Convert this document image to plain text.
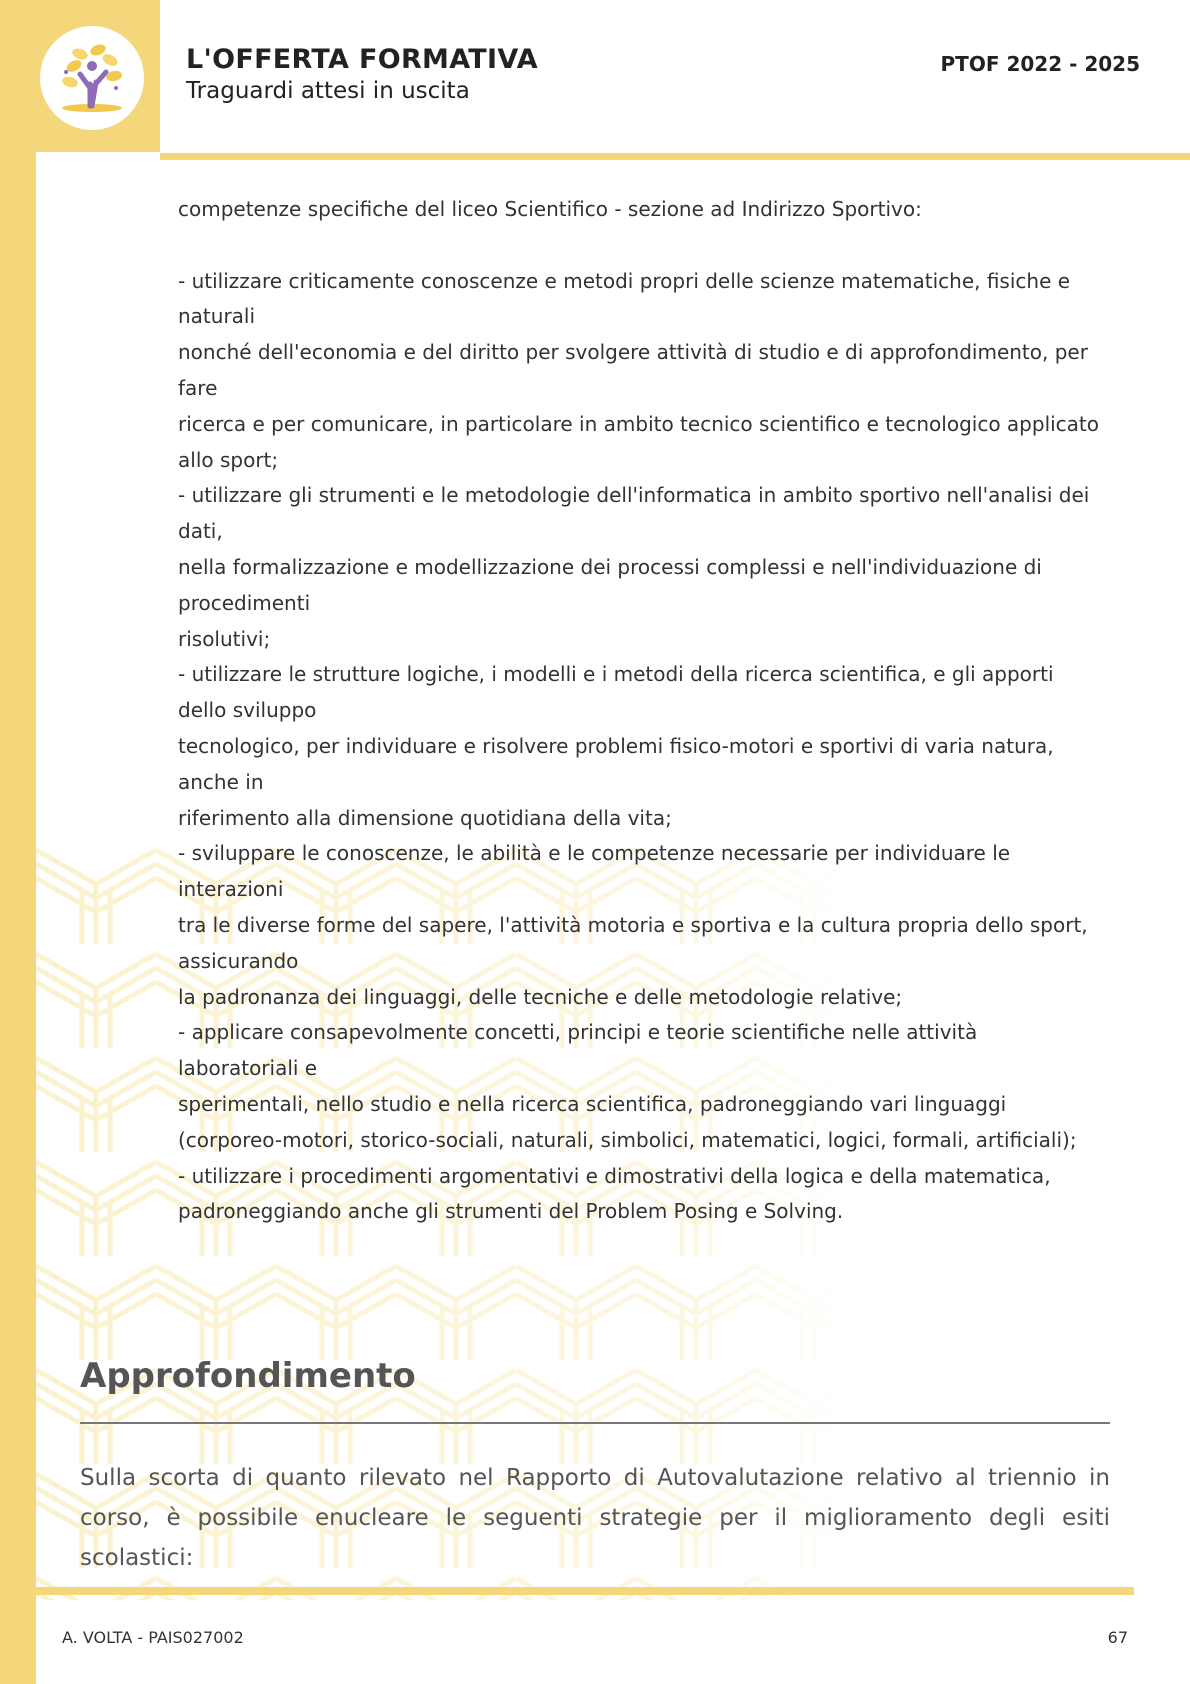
L'OFFERTA FORMATIVA
Traguardi attesi in uscita
PTOF 2022 - 2025

competenze specifiche del liceo Scientifico - sezione ad Indirizzo Sportivo:

- utilizzare criticamente conoscenze e metodi propri delle scienze matematiche, fisiche e

naturali

nonché dell'economia e del diritto per svolgere attività di studio e di approfondimento, per

fare

ricerca e per comunicare, in particolare in ambito tecnico scientifico e tecnologico applicato

allo sport;

- utilizzare gli strumenti e le metodologie dell'informatica in ambito sportivo nell'analisi dei

dati,

nella formalizzazione e modellizzazione dei processi complessi e nell'individuazione di

procedimenti

risolutivi;

- utilizzare le strutture logiche, i modelli e i metodi della ricerca scientifica, e gli apporti

dello sviluppo

tecnologico, per individuare e risolvere problemi fisico-motori e sportivi di varia natura,

anche in

riferimento alla dimensione quotidiana della vita;

- sviluppare le conoscenze, le abilità e le competenze necessarie per individuare le

interazioni

tra le diverse forme del sapere, l'attività motoria e sportiva e la cultura propria dello sport,

assicurando

la padronanza dei linguaggi, delle tecniche e delle metodologie relative;

- applicare consapevolmente concetti, principi e teorie scientifiche nelle attività

laboratoriali e

sperimentali, nello studio e nella ricerca scientifica, padroneggiando vari linguaggi

(corporeo-motori, storico-sociali, naturali, simbolici, matematici, logici, formali, artificiali);

- utilizzare i procedimenti argomentativi e dimostrativi della logica e della matematica,

padroneggiando anche gli strumenti del Problem Posing e Solving.

Approfondimento
Sulla scorta di quanto rilevato nel Rapporto di Autovalutazione relativo al triennio in corso, è possibile enucleare le seguenti strategie per il miglioramento degli esiti scolastici:
A. VOLTA - PAIS027002	67
